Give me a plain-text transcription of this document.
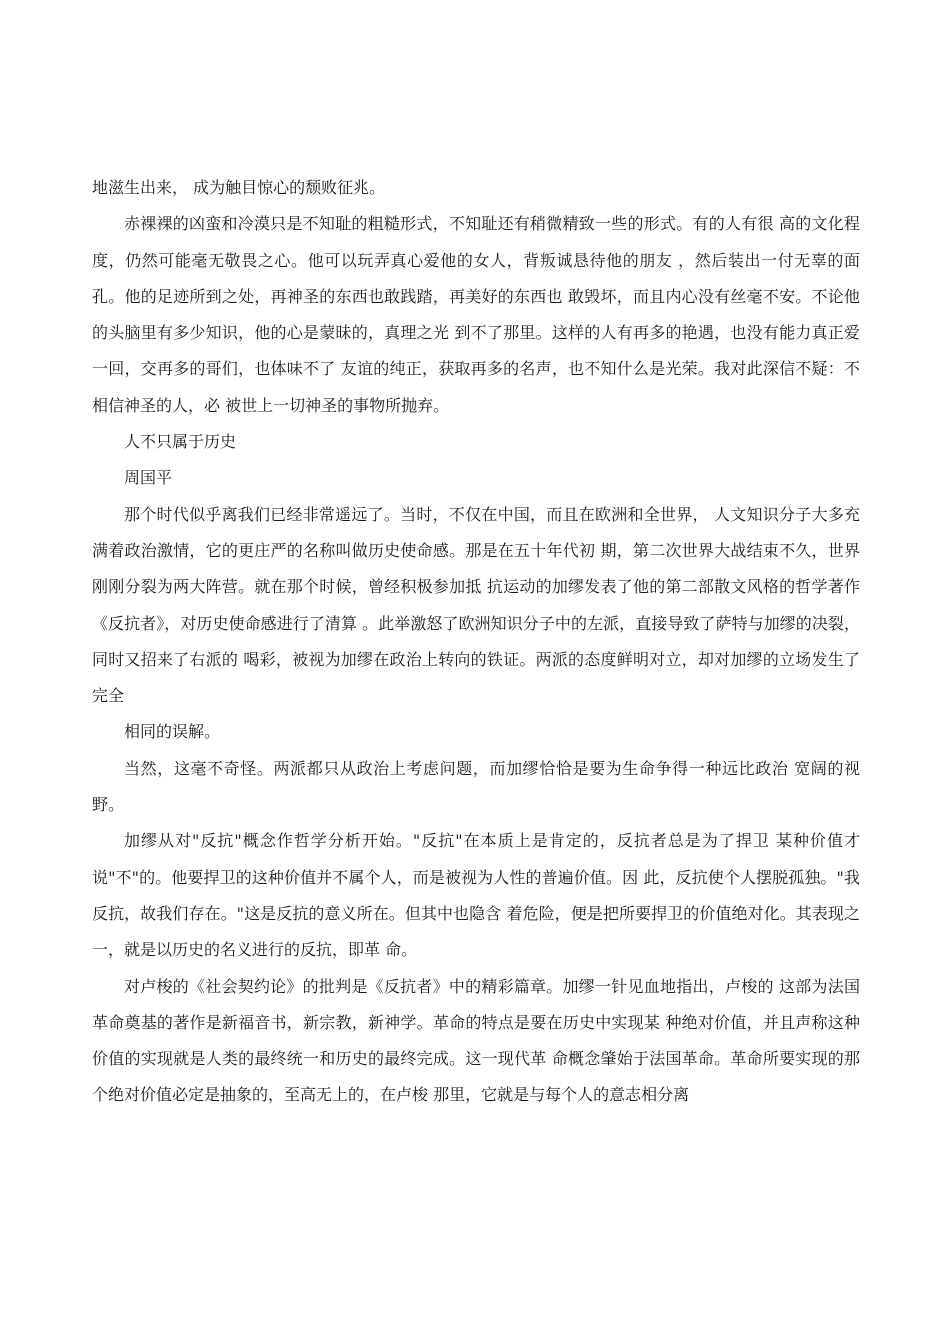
地滋生出来， 成为触目惊心的颓败征兆。

赤裸裸的凶蛮和冷漠只是不知耻的粗糙形式，不知耻还有稍微精致一些的形式。有的人有很 高的文化程度，仍然可能毫无敬畏之心。他可以玩弄真心爱他的女人，背叛诚恳待他的朋友 ，然后装出一付无辜的面孔。他的足迹所到之处，再神圣的东西也敢践踏，再美好的东西也 敢毁坏，而且内心没有丝毫不安。不论他的头脑里有多少知识，他的心是蒙昧的，真理之光 到不了那里。这样的人有再多的艳遇，也没有能力真正爱一回，交再多的哥们，也体味不了 友谊的纯正，获取再多的名声，也不知什么是光荣。我对此深信不疑：不相信神圣的人，必 被世上一切神圣的事物所抛弃。

人不只属于历史

周国平

那个时代似乎离我们已经非常遥远了。当时，不仅在中国，而且在欧洲和全世界， 人文知识分子大多充满着政治激情，它的更庄严的名称叫做历史使命感。那是在五十年代初 期，第二次世界大战结束不久，世界刚刚分裂为两大阵营。就在那个时候，曾经积极参加抵 抗运动的加缪发表了他的第二部散文风格的哲学著作《反抗者》，对历史使命感进行了清算 。此举激怒了欧洲知识分子中的左派，直接导致了萨特与加缪的决裂，同时又招来了右派的 喝彩，被视为加缪在政治上转向的铁证。两派的态度鲜明对立，却对加缪的立场发生了完全

相同的误解。

当然，这毫不奇怪。两派都只从政治上考虑问题，而加缪恰恰是要为生命争得一种远比政治 宽阔的视野。

加缪从对"反抗"概念作哲学分析开始。"反抗"在本质上是肯定的，反抗者总是为了捍卫 某种价值才说"不"的。他要捍卫的这种价值并不属个人，而是被视为人性的普遍价值。因 此，反抗使个人摆脱孤独。"我反抗，故我们存在。"这是反抗的意义所在。但其中也隐含 着危险，便是把所要捍卫的价值绝对化。其表现之一，就是以历史的名义进行的反抗，即革 命。

对卢梭的《社会契约论》的批判是《反抗者》中的精彩篇章。加缪一针见血地指出，卢梭的 这部为法国革命奠基的著作是新福音书，新宗教，新神学。革命的特点是要在历史中实现某 种绝对价值，并且声称这种价值的实现就是人类的最终统一和历史的最终完成。这一现代革 命概念肇始于法国革命。革命所要实现的那个绝对价值必定是抽象的，至高无上的，在卢梭 那里，它就是与每个人的意志相分离
